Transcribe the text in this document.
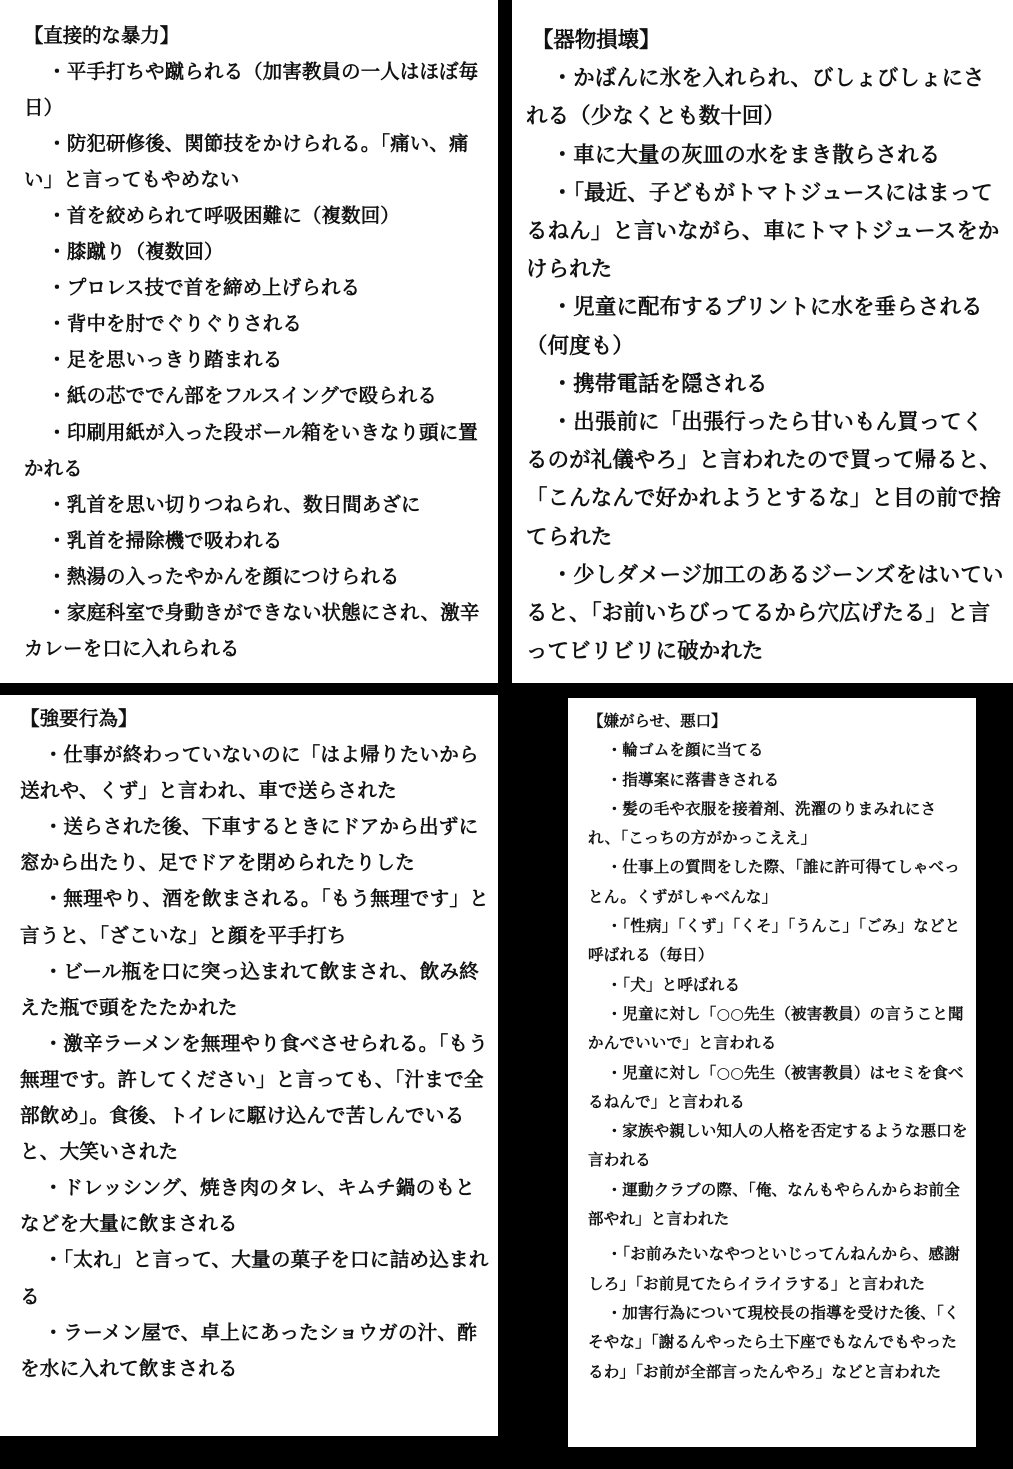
【直接的な暴力】

・平手打ちや蹴られる（加害教員の一人はほぼ毎日）

・防犯研修後、関節技をかけられる。「痛い、痛い」と言ってもやめない

・首を絞められて呼吸困難に（複数回）

・膝蹴り（複数回）

・プロレス技で首を締め上げられる

・背中を肘でぐりぐりされる

・足を思いっきり踏まれる

・紙の芯ででん部をフルスイングで殴られる

・印刷用紙が入った段ボール箱をいきなり頭に置かれる

・乳首を思い切りつねられ、数日間あざに

・乳首を掃除機で吸われる

・熱湯の入ったやかんを顔につけられる

・家庭科室で身動きができない状態にされ、激辛カレーを口に入れられる

【器物損壊】

・かばんに氷を入れられ、びしょびしょにされる（少なくとも数十回）

・車に大量の灰皿の水をまき散らされる

・「最近、子どもがトマトジュースにはまってるねん」と言いながら、車にトマトジュースをかけられた

・児童に配布するプリントに水を垂らされる（何度も）

・携帯電話を隠される

・出張前に「出張行ったら甘いもん買ってくるのが礼儀やろ」と言われたので買って帰ると、「こんなんで好かれようとするな」と目の前で捨てられた

・少しダメージ加工のあるジーンズをはいていると、「お前いちびってるから穴広げたる」と言ってビリビリに破かれた

【強要行為】

・仕事が終わっていないのに「はよ帰りたいから送れや、くず」と言われ、車で送らされた

・送らされた後、下車するときにドアから出ずに窓から出たり、足でドアを閉められたりした

・無理やり、酒を飲まされる。「もう無理です」と言うと、「ざこいな」と顔を平手打ち

・ビール瓶を口に突っ込まれて飲まされ、飲み終えた瓶で頭をたたかれた

・激辛ラーメンを無理やり食べさせられる。「もう無理です。許してください」と言っても、「汁まで全部飲め」。食後、トイレに駆け込んで苦しんでいると、大笑いされた

・ドレッシング、焼き肉のタレ、キムチ鍋のもとなどを大量に飲まされる

・「太れ」と言って、大量の菓子を口に詰め込まれる

・ラーメン屋で、卓上にあったショウガの汁、酢を水に入れて飲まされる

【嫌がらせ、悪口】

・輪ゴムを顔に当てる

・指導案に落書きされる

・髪の毛や衣服を接着剤、洗濯のりまみれにされ、「こっちの方がかっこええ」

・仕事上の質問をした際、「誰に許可得てしゃべっとん。くずがしゃべんな」

・「性病」「くず」「くそ」「うんこ」「ごみ」などと呼ばれる（毎日）

・「犬」と呼ばれる

・児童に対し「○○先生（被害教員）の言うこと聞かんでいいで」と言われる

・児童に対し「○○先生（被害教員）はセミを食べるねんで」と言われる

・家族や親しい知人の人格を否定するような悪口を言われる

・運動クラブの際、「俺、なんもやらんからお前全部やれ」と言われた

・「お前みたいなやつといじってんねんから、感謝しろ」「お前見てたらイライラする」と言われた

・加害行為について現校長の指導を受けた後、「くそやな」「謝るんやったら土下座でもなんでもやったるわ」「お前が全部言ったんやろ」などと言われた
